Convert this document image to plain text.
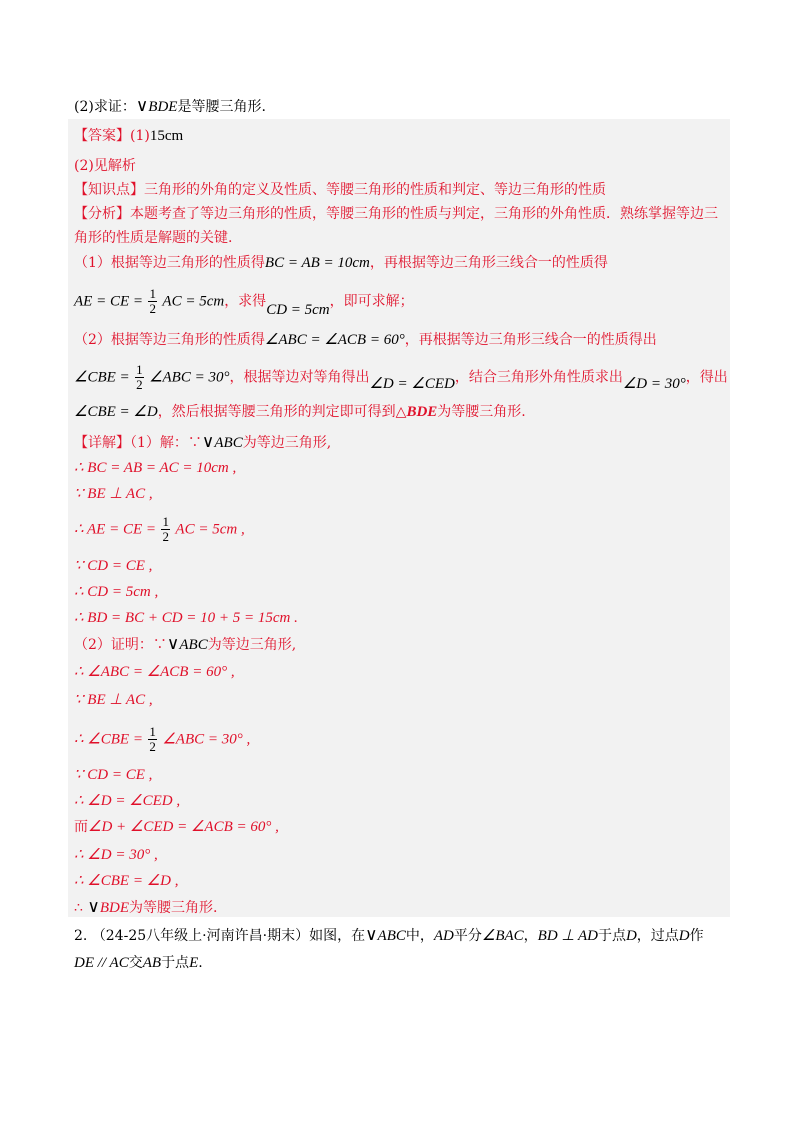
(2)求证：∨BDE是等腰三角形.
【答案】(1)15cm
(2)见解析
【知识点】三角形的外角的定义及性质、等腰三角形的性质和判定、等边三角形的性质
【分析】本题考查了等边三角形的性质，等腰三角形的性质与判定，三角形的外角性质．熟练掌握等边三
角形的性质是解题的关键.
（1）根据等边三角形的性质得BC = AB = 10cm，再根据等边三角形三线合一的性质得
AE = CE = $\frac{1}{2}$ AC = 5cm，求得CD = 5cm，即可求解；
（2）根据等边三角形的性质得∠ABC = ∠ACB = 60°，再根据等边三角形三线合一的性质得出
∠CBE = $\frac{1}{2}$ ∠ABC = 30°，根据等边对等角得出∠D = ∠CED，结合三角形外角性质求出∠D = 30°，得出
∠CBE = ∠D，然后根据等腰三角形的判定即可得到△BDE为等腰三角形.
【详解】（1）解：∵∨ABC为等边三角形,
∴ BC = AB = AC = 10cm ,
∵ BE ⊥ AC ,
∴ AE = CE = $\frac{1}{2}$ AC = 5cm ,
∵ CD = CE ,
∴ CD = 5cm ,
∴ BD = BC + CD = 10 + 5 = 15cm .
（2）证明：∵∨ABC为等边三角形,
∴ ∠ABC = ∠ACB = 60° ,
∵ BE ⊥ AC ,
∴ ∠CBE = $\frac{1}{2}$ ∠ABC = 30° ,
∵ CD = CE ,
∴ ∠D = ∠CED ,
而∠D + ∠CED = ∠ACB = 60° ,
∴ ∠D = 30° ,
∴ ∠CBE = ∠D ,
∴ ∨BDE为等腰三角形.
2. （24-25八年级上·河南许昌·期末）如图，在∨ABC中，AD平分∠BAC，BD ⊥ AD于点D，过点D作
DE // AC交AB于点E.
